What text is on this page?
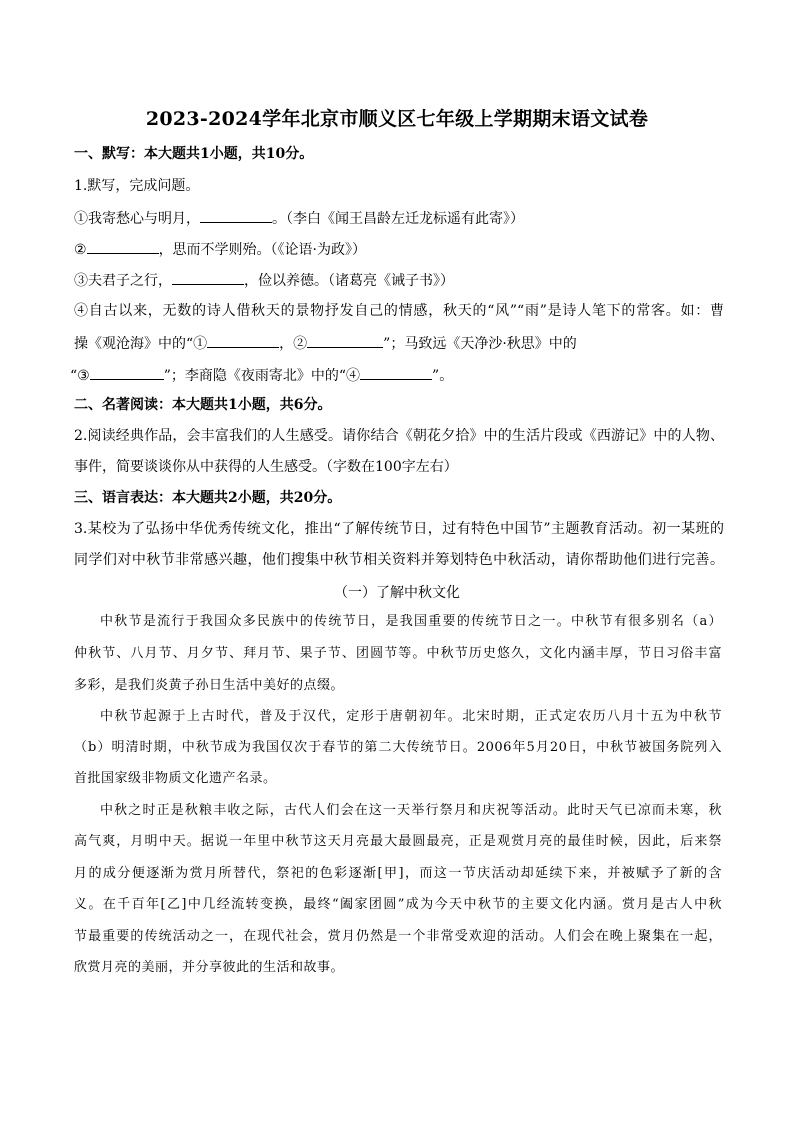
2023-2024学年北京市顺义区七年级上学期期末语文试卷
一、默写：本大题共1小题，共10分。
1.默写，完成问题。
①我寄愁心与明月，	。（李白《闻王昌龄左迁龙标遥有此寄》）
②	，思而不学则殆。（《论语·为政》）
③夫君子之行，	，俭以养德。（诸葛亮《诫子书》）
④自古以来，无数的诗人借秋天的景物抒发自己的情感，秋天的“风”“雨”是诗人笔下的常客。如：曹
操《观沧海》中的“①	，②	”；马致远《天净沙·秋思》中的
“③	”；李商隐《夜雨寄北》中的“④	”。
二、名著阅读：本大题共1小题，共6分。
2.阅读经典作品，会丰富我们的人生感受。请你结合《朝花夕拾》中的生活片段或《西游记》中的人物、
事件，简要谈谈你从中获得的人生感受。（字数在100字左右）
三、语言表达：本大题共2小题，共20分。
3.某校为了弘扬中华优秀传统文化，推出“了解传统节日，过有特色中国节”主题教育活动。初一某班的
同学们对中秋节非常感兴趣，他们搜集中秋节相关资料并筹划特色中秋活动，请你帮助他们进行完善。
（一）了解中秋文化
中秋节是流行于我国众多民族中的传统节日，是我国重要的传统节日之一。中秋节有很多别名（a）
仲秋节、八月节、月夕节、拜月节、果子节、团圆节等。中秋节历史悠久，文化内涵丰厚，节日习俗丰富
多彩，是我们炎黄子孙日生活中美好的点缀。
中秋节起源于上古时代，普及于汉代，定形于唐朝初年。北宋时期，正式定农历八月十五为中秋节
（b）明清时期，中秋节成为我国仅次于春节的第二大传统节日。2006年5月20日，中秋节被国务院列入
首批国家级非物质文化遗产名录。
中秋之时正是秋粮丰收之际，古代人们会在这一天举行祭月和庆祝等活动。此时天气已凉而未寒，秋
高气爽，月明中天。据说一年里中秋节这天月亮最大最圆最亮，正是观赏月亮的最佳时候，因此，后来祭
月的成分便逐渐为赏月所替代，祭祀的色彩逐渐[甲]，而这一节庆活动却延续下来，并被赋予了新的含
义。在千百年[乙]中几经流转变换，最终“阖家团圆”成为今天中秋节的主要文化内涵。赏月是古人中秋
节最重要的传统活动之一，在现代社会，赏月仍然是一个非常受欢迎的活动。人们会在晚上聚集在一起，
欣赏月亮的美丽，并分享彼此的生活和故事。
